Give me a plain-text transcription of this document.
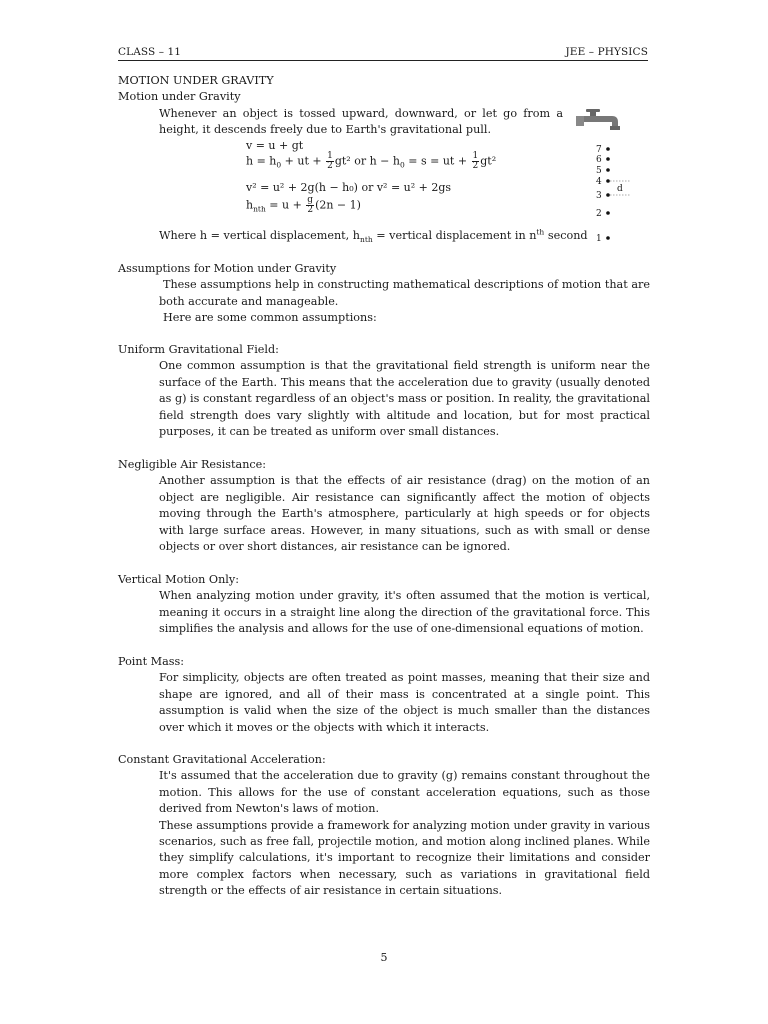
CLASS – 11	JEE – PHYSICS
MOTION UNDER GRAVITY
Motion under Gravity

Whenever an object is tossed upward, downward, or let go from a height, it descends freely due to Earth's gravitational pull.

v = u + gt
$h = h_0$ + ut + $\frac{1}{2} gt^2$ or $h - h_0 = s$ = ut + $\frac{1}{2} gt^2$
v² = u² + 2g(h − h₀) or v² = u² + 2gs
$h_{nth} = u + \frac{g}{2} (2n - 1)$
Where h = vertical displacement, $h_{nth}$ = vertical displacement in $n^{th}$ second
7
6
5
4
3
2
1
d
Assumptions for Motion under Gravity

These assumptions help in constructing mathematical descriptions of motion that are both accurate and manageable.

Here are some common assumptions:

Uniform Gravitational Field:

One common assumption is that the gravitational field strength is uniform near the surface of the Earth. This means that the acceleration due to gravity (usually denoted as g) is constant regardless of an object's mass or position. In reality, the gravitational field strength does vary slightly with altitude and location, but for most practical purposes, it can be treated as uniform over small distances.

Negligible Air Resistance:

Another assumption is that the effects of air resistance (drag) on the motion of an object are negligible. Air resistance can significantly affect the motion of objects moving through the Earth's atmosphere, particularly at high speeds or for objects with large surface areas. However, in many situations, such as with small or dense objects or over short distances, air resistance can be ignored.

Vertical Motion Only:

When analyzing motion under gravity, it's often assumed that the motion is vertical, meaning it occurs in a straight line along the direction of the gravitational force. This simplifies the analysis and allows for the use of one-dimensional equations of motion.

Point Mass:

For simplicity, objects are often treated as point masses, meaning that their size and shape are ignored, and all of their mass is concentrated at a single point. This assumption is valid when the size of the object is much smaller than the distances over which it moves or the objects with which it interacts.

Constant Gravitational Acceleration:

It's assumed that the acceleration due to gravity (g) remains constant throughout the motion. This allows for the use of constant acceleration equations, such as those derived from Newton's laws of motion.

These assumptions provide a framework for analyzing motion under gravity in various scenarios, such as free fall, projectile motion, and motion along inclined planes. While they simplify calculations, it's important to recognize their limitations and consider more complex factors when necessary, such as variations in gravitational field strength or the effects of air resistance in certain situations.

5
